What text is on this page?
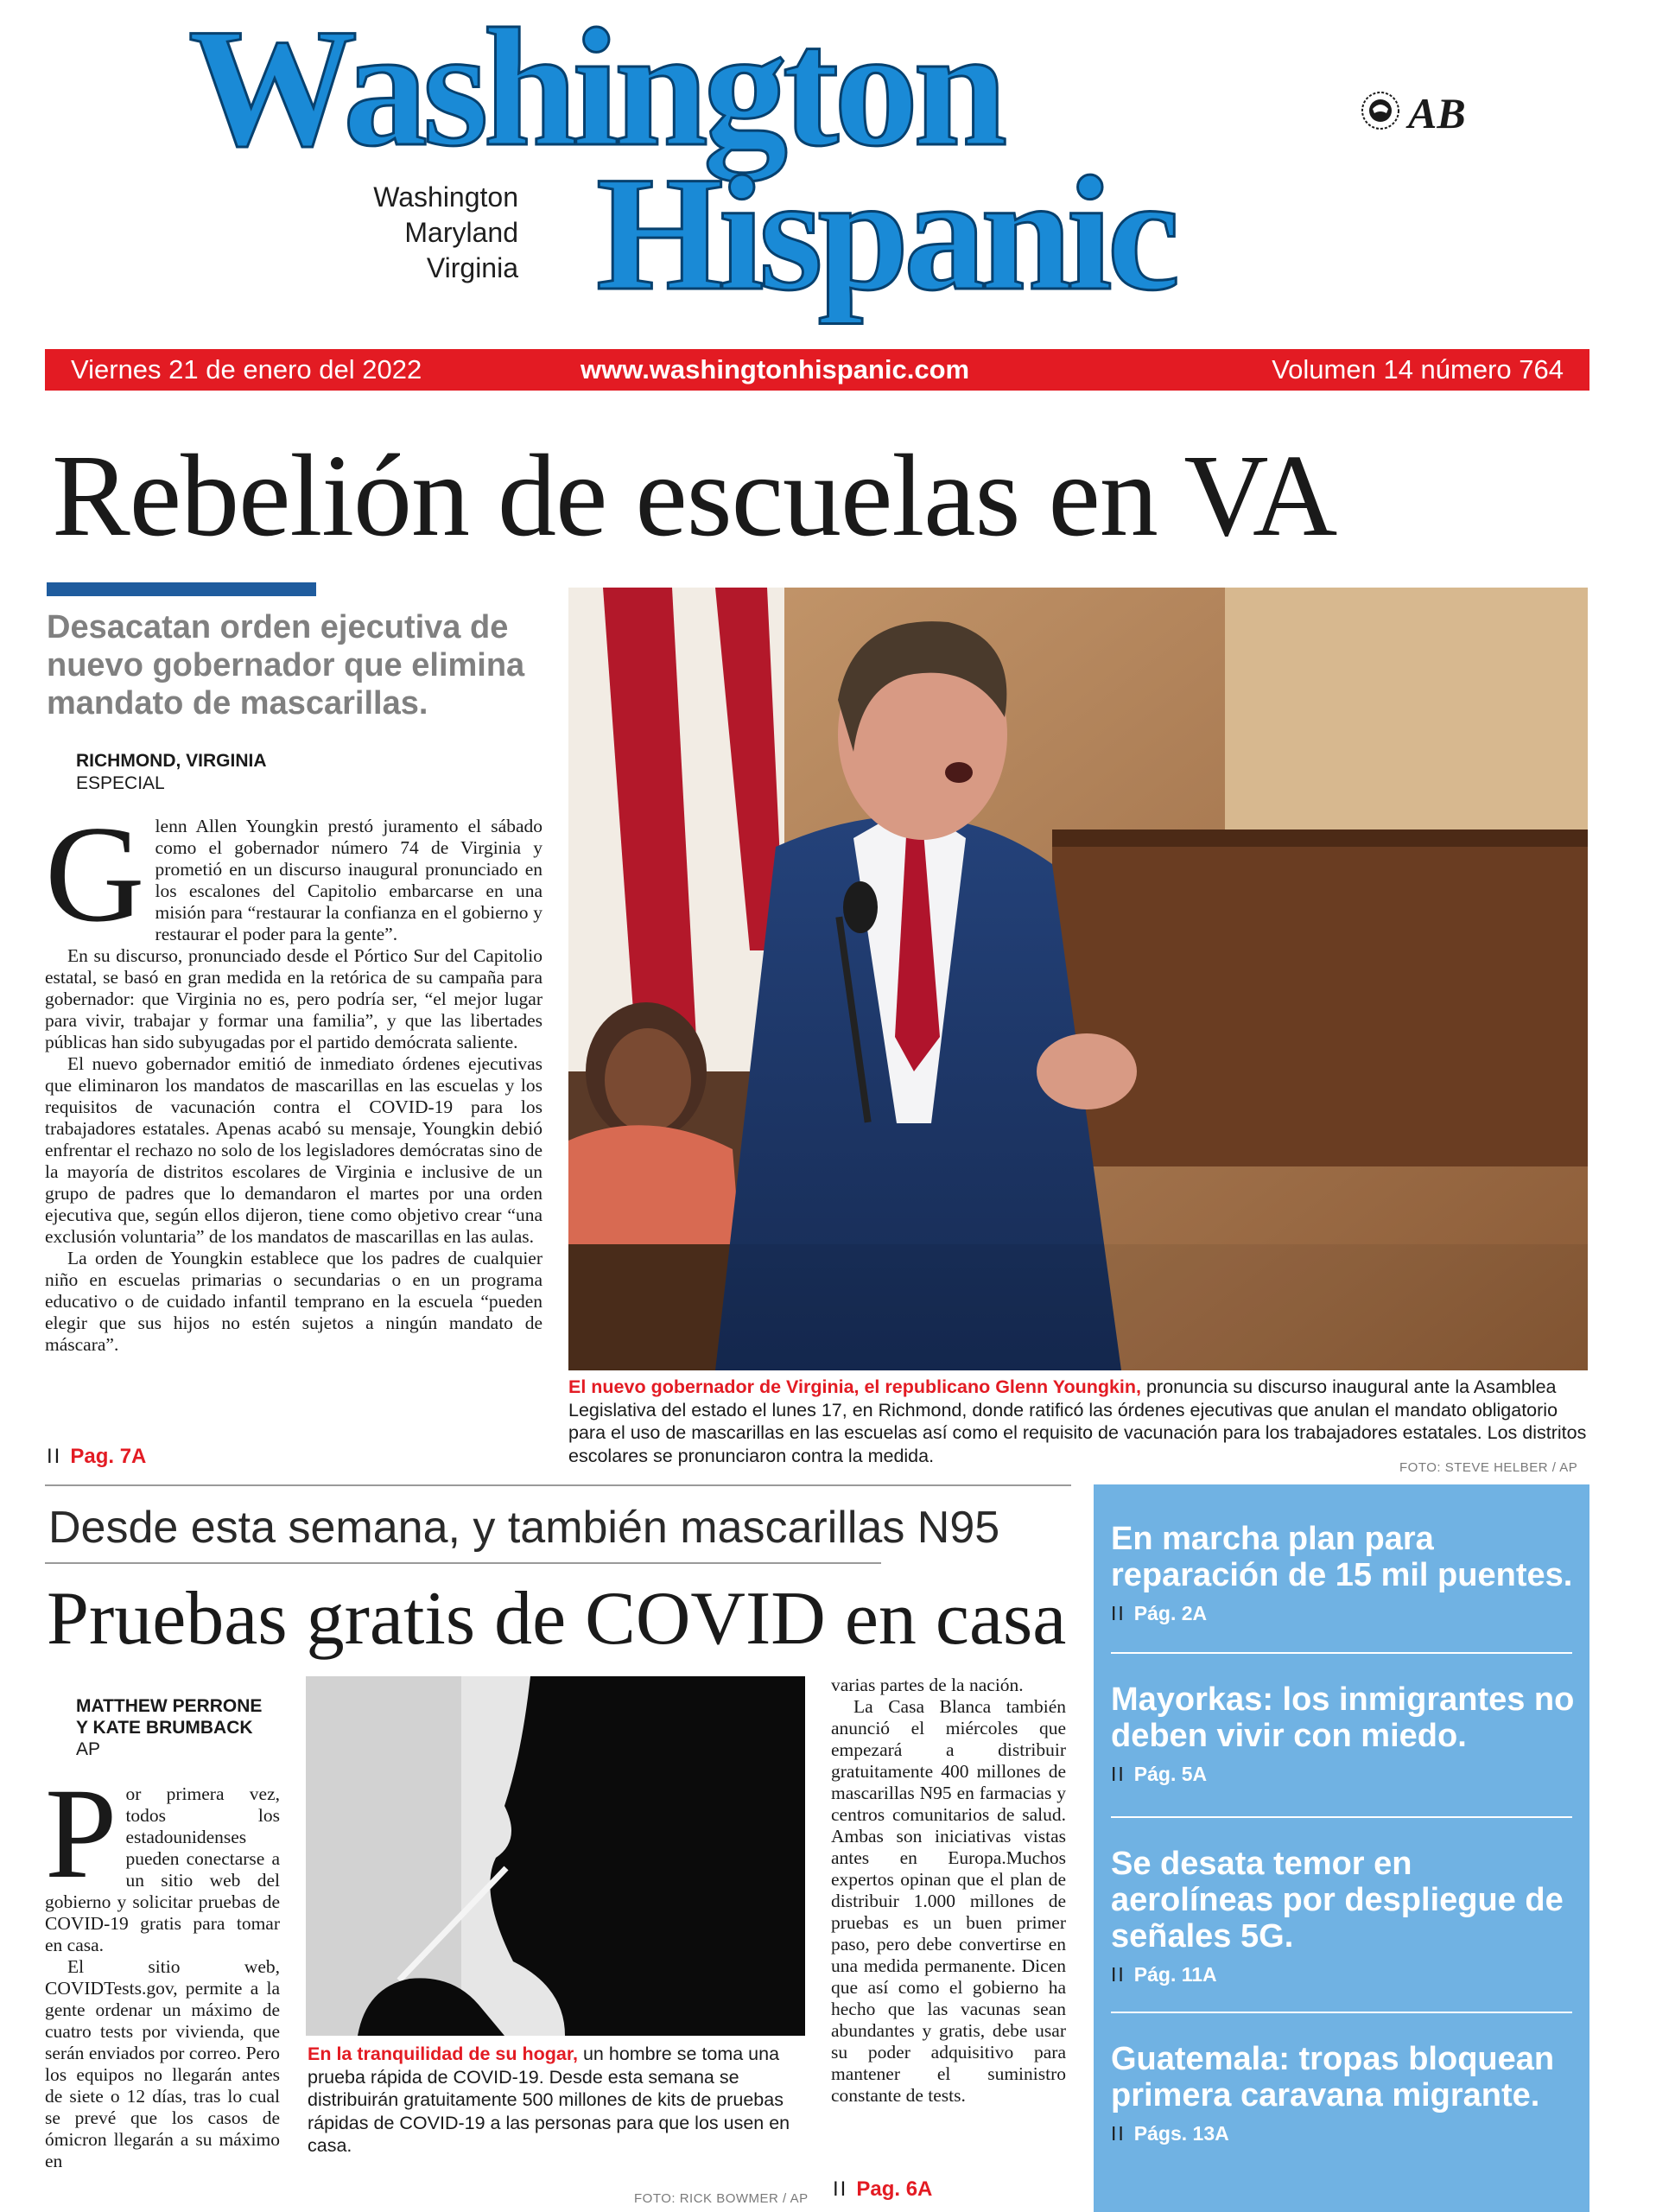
Washington
Hispanic
Washington
Maryland
Virginia
AB
Viernes 21 de enero del 2022	www.washingtonhispanic.com	Volumen 14 número 764
Rebelión de escuelas en VA
Desacatan orden ejecutiva de nuevo gobernador que elimina mandato de mascarillas.
RICHMOND, VIRGINIA
ESPECIAL
G lenn Allen Youngkin prestó juramento el sábado como el gobernador número 74 de Virginia y prometió en un discurso inaugural pronunciado en los escalones del Capitolio embarcarse en una misión para “restaurar la confianza en el gobierno y restaurar el poder para la gente”.

En su discurso, pronunciado desde el Pórtico Sur del Capitolio estatal, se basó en gran medida en la retórica de su campaña para gobernador: que Virginia no es, pero podría ser, “el mejor lugar para vivir, trabajar y formar una familia”, y que las libertades públicas han sido subyugadas por el partido demócrata saliente.

El nuevo gobernador emitió de inmediato órdenes ejecutivas que eliminaron los mandatos de mascarillas en las escuelas y los requisitos de vacunación contra el COVID-19 para los trabajadores estatales. Apenas acabó su mensaje, Youngkin debió enfrentar el rechazo no solo de los legisladores demócratas sino de la mayoría de distritos escolares de Virginia e inclusive de un grupo de padres que lo demandaron el martes por una orden ejecutiva que, según ellos dijeron, tiene como objetivo crear “una exclusión voluntaria” de los mandatos de mascarillas en las aulas.

La orden de Youngkin establece que los padres de cualquier niño en escuelas primarias o secundarias o en un programa educativo o de cuidado infantil temprano en la escuela “pueden elegir que sus hijos no estén sujetos a ningún mandato de máscara”.

II Pag. 7A
El nuevo gobernador de Virginia, el republicano Glenn Youngkin, pronuncia su discurso inaugural ante la Asamblea Legislativa del estado el lunes 17, en Richmond, donde ratificó las órdenes ejecutivas que anulan el mandato obligatorio para el uso de mascarillas en las escuelas así como el requisito de vacunación para los trabajadores estatales. Los distritos escolares se pronunciaron contra la medida.
FOTO: STEVE HELBER / AP
Desde esta semana, y también mascarillas N95
Pruebas gratis de COVID en casa
MATTHEW PERRONE
Y KATE BRUMBACK
AP
P or primera vez, todos los estadounidenses pueden conectarse a un sitio web del gobierno y solicitar pruebas de COVID-19 gratis para tomar en casa.

El sitio web, COVIDTests.gov, permite a la gente ordenar un máximo de cuatro tests por vivienda, que serán enviados por correo. Pero los equipos no llegarán antes de siete o 12 días, tras lo cual se prevé que los casos de ómicron llegarán a su máximo en

En la tranquilidad de su hogar, un hombre se toma una prueba rápida de COVID-19. Desde esta semana se distribuirán gratuitamente 500 millones de kits de pruebas rápidas de COVID-19 a las personas para que los usen en casa.
FOTO: RICK BOWMER / AP

varias partes de la nación.

La Casa Blanca también anunció el miércoles que empezará a distribuir gratuitamente 400 millones de mascarillas N95 en farmacias y centros comunitarios de salud. Ambas son iniciativas vistas antes en Europa.Muchos expertos opinan que el plan de distribuir 1.000 millones de pruebas es un buen primer paso, pero debe convertirse en una medida permanente. Dicen que así como el gobierno ha hecho que las vacunas sean abundantes y gratis, debe usar su poder adquisitivo para mantener el suministro constante de tests.

II Pag. 6A
En marcha plan para reparación de 15 mil puentes.
II Pág. 2A
Mayorkas: los inmigrantes no deben vivir con miedo.
II Pág. 5A
Se desata temor en aerolíneas por despliegue de señales 5G.
II Pág. 11A
Guatemala: tropas bloquean primera caravana migrante.
II Págs. 13A
